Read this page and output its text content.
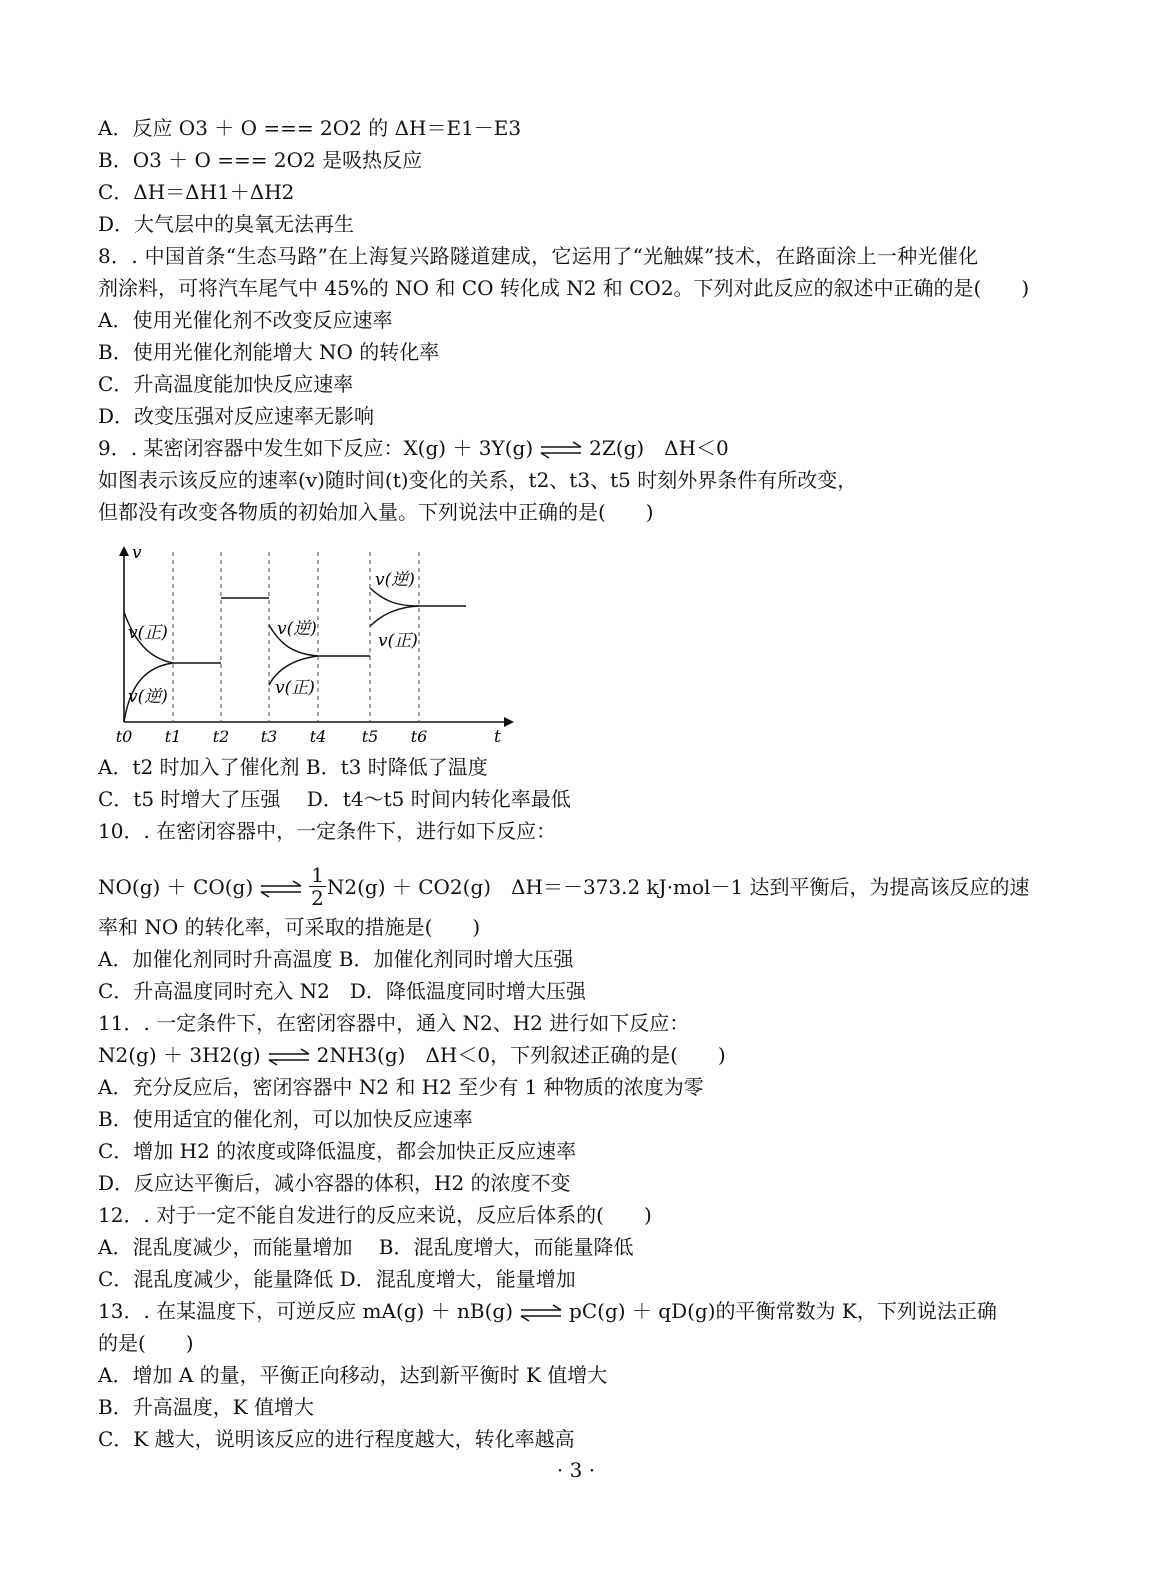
A．反应 O3 ＋ O === 2O2 的 ΔH＝E1－E3
B．O3 ＋ O === 2O2 是吸热反应
C．ΔH＝ΔH1＋ΔH2
D．大气层中的臭氧无法再生
8．. 中国首条“生态马路”在上海复兴路隧道建成，它运用了“光触媒”技术，在路面涂上一种光催化
剂涂料，可将汽车尾气中 45%的 NO 和 CO 转化成 N2 和 CO2。下列对此反应的叙述中正确的是(　　)
A．使用光催化剂不改变反应速率
B．使用光催化剂能增大 NO 的转化率
C．升高温度能加快反应速率
D．改变压强对反应速率无影响
9．. 某密闭容器中发生如下反应：X(g) ＋ 3Y(g) ⇌ 2Z(g)　ΔH＜0
如图表示该反应的速率(v)随时间(t)变化的关系，t2、t3、t5 时刻外界条件有所改变，
但都没有改变各物质的初始加入量。下列说法中正确的是(　　)
v
t
v(正)
v(逆)
v(逆)
v(正)
v(逆)
v(正)
t0 t1 t2 t3 t4 t5 t6
A．t2 时加入了催化剂 B．t3 时降低了温度
C．t5 时增大了压强　 D．t4～t5 时间内转化率最低
10．. 在密闭容器中，一定条件下，进行如下反应：
NO(g) ＋ CO(g) ⇌ $\frac{1}{2} N2(g) + CO2(g)$　ΔH＝－373.2 kJ·mol－1 达到平衡后，为提高该反应的速
率和 NO 的转化率，可采取的措施是(　　)
A．加催化剂同时升高温度 B．加催化剂同时增大压强
C．升高温度同时充入 N2　D．降低温度同时增大压强
11．. 一定条件下，在密闭容器中，通入 N2、H2 进行如下反应：
N2(g) ＋ 3H2(g) ⇌ 2NH3(g)　ΔH＜0，下列叙述正确的是(　　)
A．充分反应后，密闭容器中 N2 和 H2 至少有 1 种物质的浓度为零
B．使用适宜的催化剂，可以加快反应速率
C．增加 H2 的浓度或降低温度，都会加快正反应速率
D．反应达平衡后，减小容器的体积，H2 的浓度不变
12．. 对于一定不能自发进行的反应来说，反应后体系的(　　)
A．混乱度减少，而能量增加　 B．混乱度增大，而能量降低
C．混乱度减少，能量降低 D．混乱度增大，能量增加
13．. 在某温度下，可逆反应 mA(g) ＋ nB(g) ⇌ pC(g) ＋ qD(g)的平衡常数为 K，下列说法正确
的是(　　)
A．增加 A 的量，平衡正向移动，达到新平衡时 K 值增大
B．升高温度，K 值增大
C．K 越大，说明该反应的进行程度越大，转化率越高
· 3 ·
